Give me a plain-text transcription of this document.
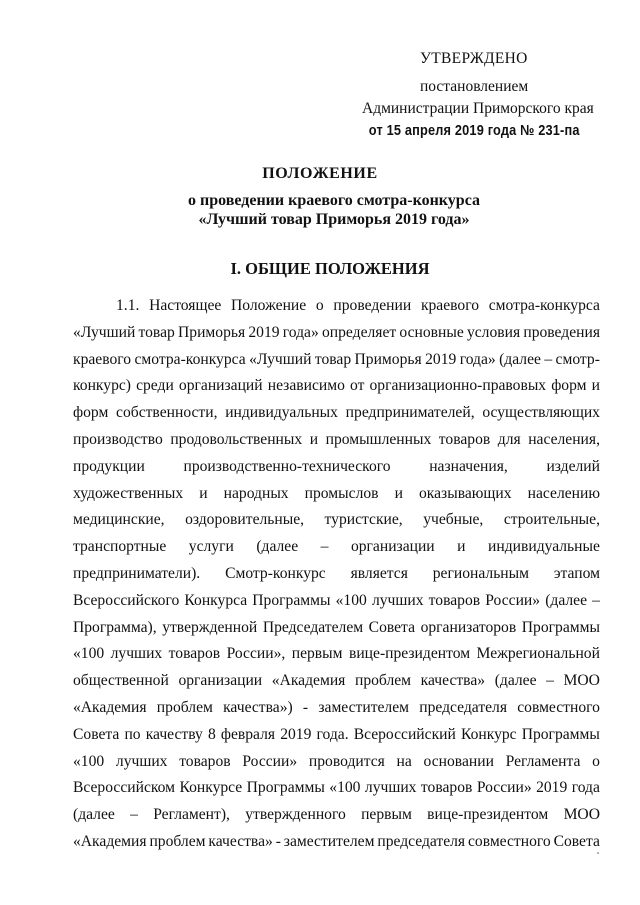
УТВЕРЖДЕНО
постановлением
Администрации Приморского края
от 15 апреля 2019 года № 231-па
ПОЛОЖЕНИЕ
о проведении краевого смотра-конкурса
«Лучший товар Приморья 2019 года»
I. ОБЩИЕ ПОЛОЖЕНИЯ
1.1. Настоящее Положение о проведении краевого смотра-конкурса
«Лучший товар Приморья 2019 года» определяет основные условия проведения
краевого смотра-конкурса «Лучший товар Приморья 2019 года» (далее – смотр-
конкурс) среди организаций независимо от организационно-правовых форм и
форм собственности, индивидуальных предпринимателей, осуществляющих
производство продовольственных и промышленных товаров для населения,
продукции производственно-технического назначения, изделий
художественных и народных промыслов и оказывающих населению
медицинские, оздоровительные, туристские, учебные, строительные,
транспортные услуги (далее – организации и индивидуальные
предприниматели). Смотр-конкурс является региональным этапом
Всероссийского Конкурса Программы «100 лучших товаров России» (далее –
Программа), утвержденной Председателем Совета организаторов Программы
«100 лучших товаров России», первым вице-президентом Межрегиональной
общественной организации «Академия проблем качества» (далее – МОО
«Академия проблем качества») - заместителем председателя совместного
Совета по качеству 8 февраля 2019 года. Всероссийский Конкурс Программы
«100 лучших товаров России» проводится на основании Регламента о
Всероссийском Конкурсе Программы «100 лучших товаров России» 2019 года
(далее – Регламент), утвержденного первым вице-президентом МОО
«Академия проблем качества» - заместителем председателя совместного Совета
